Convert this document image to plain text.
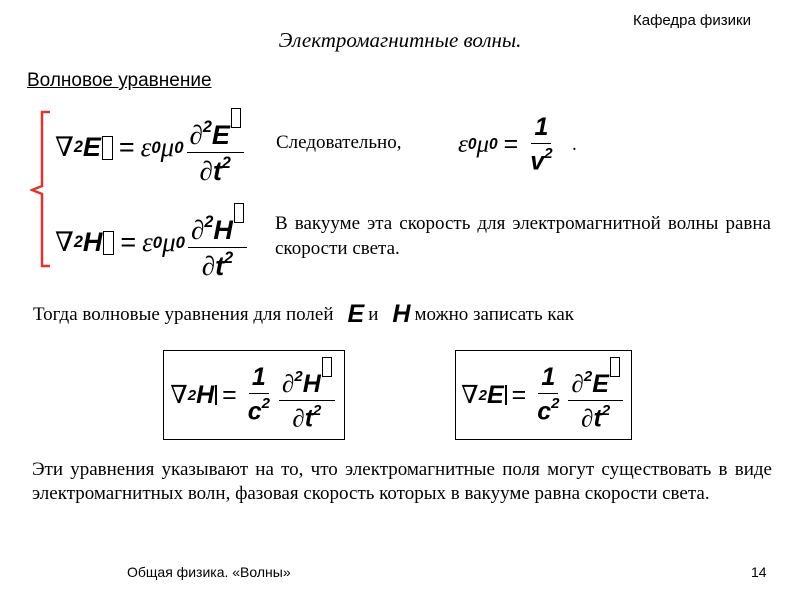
Кафедра физики
Электромагнитные волны.
Волновое уравнение
∇ 2 E = ε 0 μ $0 \frac{\partial^2E}{\partial t^2}$ Следовательно, ε 0 μ $0 = \frac{1}{v^2}$ .
∇ 2 H = ε 0 μ $0 \frac{\partial^2H}{\partial t^2}$ В вакууме эта скорость для электромагнитной волны равна скорости света.
Тогда волновые уравнения для полей E и H можно записать как
∇ 2 $H = \frac{1}{c^2} \frac{\partial^2H}{\partial t^2}$	∇ 2 $E = \frac{1}{c^2} \frac{\partial^2E}{\partial t^2}$
Эти уравнения указывают на то, что электромагнитные поля могут существовать в виде электромагнитных волн, фазовая скорость которых в вакууме равна скорости света.
Общая физика. «Волны»	14
